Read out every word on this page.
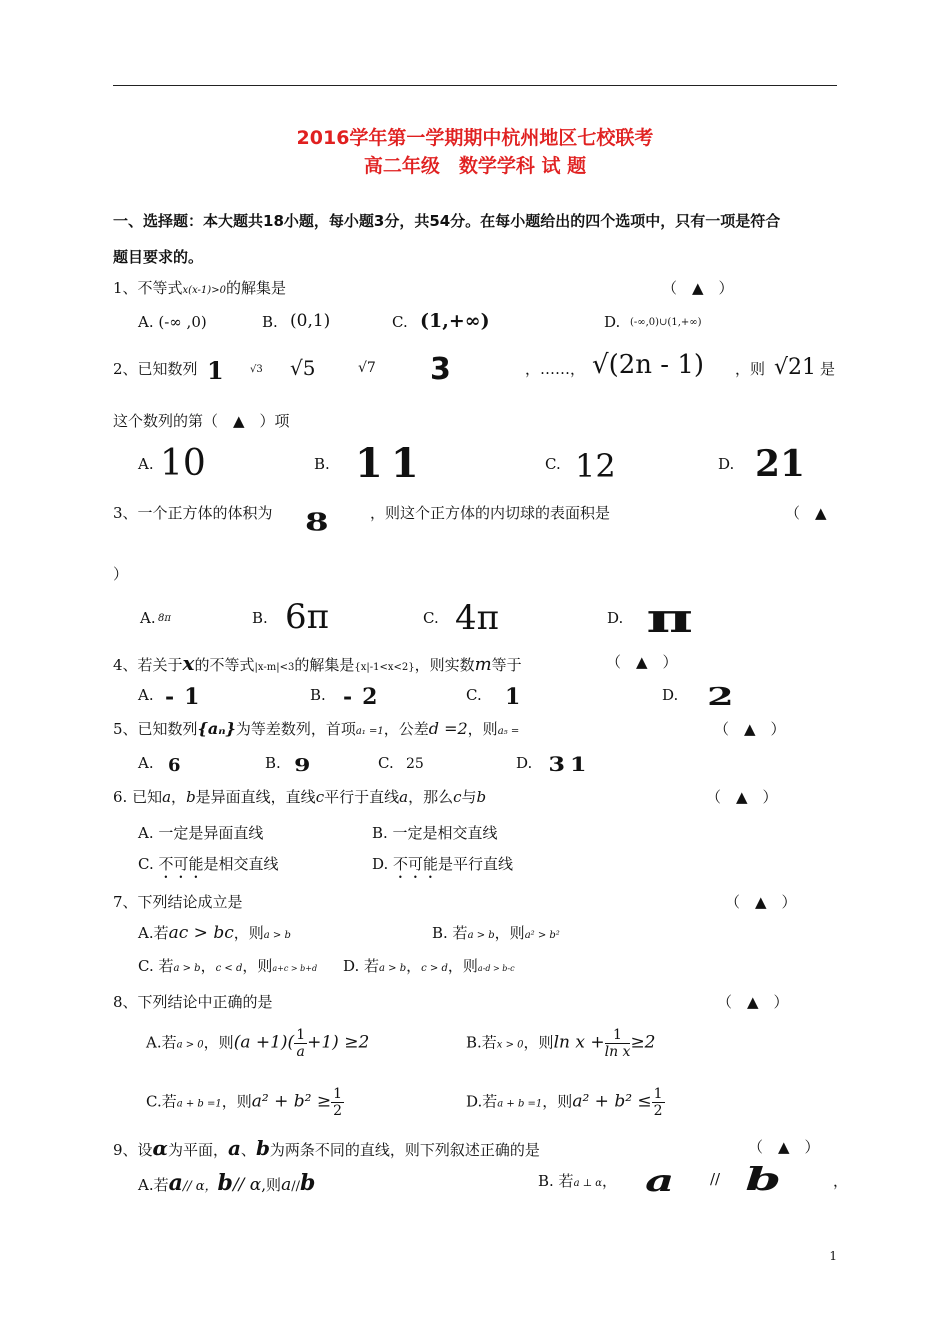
2016学年第一学期期中杭州地区七校联考
高二年级　数学学科 试 题
一、选择题：本大题共18小题，每小题3分，共54分。在每小题给出的四个选项中，只有一项是符合
题目要求的。
1、不等式x(x-1)>0的解集是	（　▲　）
A. (-∞ ,0)	B. (0,1)	C. (1,+∞)	D. (-∞,0)∪(1,+∞)
2、已知数列 1	√3 √5	√7 3	，……， √(2n - 1) ，则 √21 是
这个数列的第（　▲　）项
A. 10	B. 11	C. 12	D. 21
3、一个正方体的体积为 8	，则这个正方体的内切球的表面积是	（　▲
）
A. 8π	B. 6π	C. 4π	D. π
4、若关于x的不等式|x-m|<3的解集是{x|-1<x<2}，则实数m等于	（　▲　）
A. -1	B. -2	C. 1	D. 2
5、已知数列{aₙ}为等差数列，首项a₁ =1，公差d =2，则a₅ =	（　▲　）
A. 6	B. 9	C. 25	D. 31
6. 已知a，b是异面直线，直线c平行于直线a，那么c与b	（　▲　）
A. 一定是异面直线	B. 一定是相交直线
C. 不可能是相交直线	D. 不可能是平行直线
7、下列结论成立是	（　▲　）
A.若ac > bc，则a > b	B. 若a > b，则a² > b²
C. 若a > b，c < d，则a+c > b+d D. 若a > b，c > d，则a-d > b-c
8、下列结论中正确的是	（　▲　）
A.若a > 0，则$(a +1)( \frac{1}{a} +1) \ge 2$	B.若x > 0，则$\ln x + \frac{1}{\text{ln x}} \ge 2$
C.若a + b =1，则$a^2 + b^2 \ge \frac{1}{2}$	D.若a + b =1，则$a^2 + b^2 \le \frac{1}{2}$
9、设α为平面，a、b为两条不同的直线，则下列叙述正确的是	（　▲　）
A.若a// α，b// α,则a//b	B. 若a ⊥ α， a // b	，
1
